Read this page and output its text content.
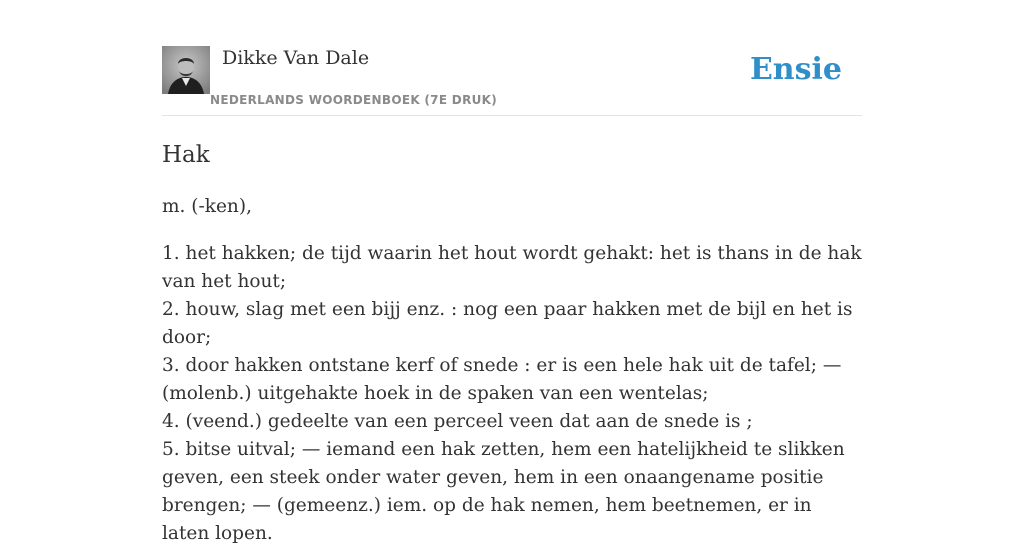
Dikke Van Dale
NEDERLANDS WOORDENBOEK (7E DRUK)
Ensie
Hak

m. (-ken),

1. het hakken; de tijd waarin het hout wordt gehakt: het is thans in de hak van het hout;
2. houw, slag met een bijj enz. : nog een paar hakken met de bijl en het is door;
3. door hakken ontstane kerf of snede : er is een hele hak uit de tafel; — (molenb.) uitgehakte hoek in de spaken van een wentelas;
4. (veend.) gedeelte van een perceel veen dat aan de snede is ;
5. bitse uitval; — iemand een hak zetten, hem een hatelijkheid te slikken geven, een steek onder water geven, hem in een onaangename positie brengen; — (gemeenz.) iem. op de hak nemen, hem beetnemen, er in laten lopen.
